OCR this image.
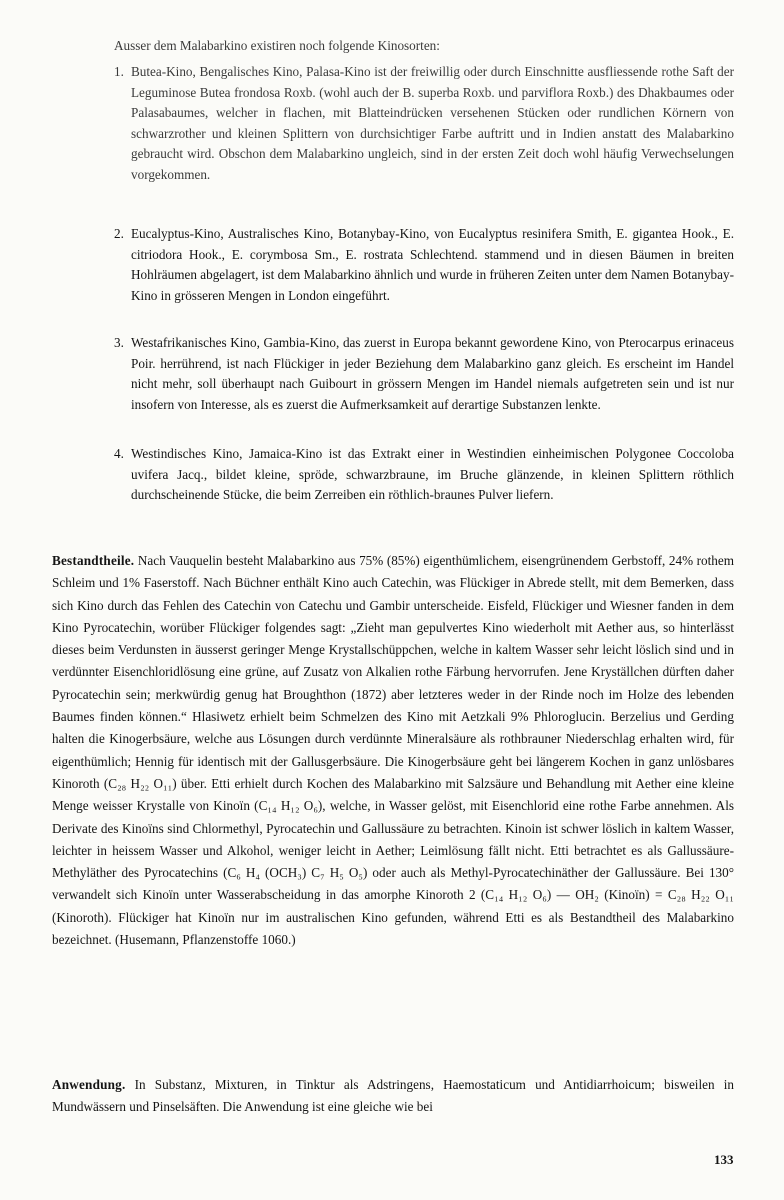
Ausser dem Malabarkino existiren noch folgende Kinosorten:
1. Butea-Kino, Bengalisches Kino, Palasa-Kino ist der freiwillig oder durch Einschnitte ausfliessende rothe Saft der Leguminose Butea frondosa Roxb. (wohl auch der B. superba Roxb. und parviflora Roxb.) des Dhakbaumes oder Palasabaumes, welcher in flachen, mit Blatteindrücken versehenen Stücken oder rundlichen Körnern von schwarzrother und kleinen Splittern von durchsichtiger Farbe auftritt und in Indien anstatt des Malabarkino gebraucht wird. Obschon dem Malabarkino ungleich, sind in der ersten Zeit doch wohl häufig Verwechselungen vorgekommen.
2. Eucalyptus-Kino, Australisches Kino, Botanybay-Kino, von Eucalyptus resinifera Smith, E. gigantea Hook., E. citriodora Hook., E. corymbosa Sm., E. rostrata Schlechtend. stammend und in diesen Bäumen in breiten Hohlräumen abgelagert, ist dem Malabarkino ähnlich und wurde in früheren Zeiten unter dem Namen Botanybay-Kino in grösseren Mengen in London eingeführt.
3. Westafrikanisches Kino, Gambia-Kino, das zuerst in Europa bekannt gewordene Kino, von Pterocarpus erinaceus Poir. herrührend, ist nach Flückiger in jeder Beziehung dem Malabarkino ganz gleich. Es erscheint im Handel nicht mehr, soll überhaupt nach Guibourt in grössern Mengen im Handel niemals aufgetreten sein und ist nur insofern von Interesse, als es zuerst die Aufmerksamkeit auf derartige Substanzen lenkte.
4. Westindisches Kino, Jamaica-Kino ist das Extrakt einer in Westindien einheimischen Polygonee Coccoloba uvifera Jacq., bildet kleine, spröde, schwarzbraune, im Bruche glänzende, in kleinen Splittern röthlich durchscheinende Stücke, die beim Zerreiben ein röthlich-braunes Pulver liefern.
Bestandtheile. Nach Vauquelin besteht Malabarkino aus 75% (85%) eigenthümlichem, eisengrünendem Gerbstoff, 24% rothem Schleim und 1% Faserstoff. Nach Büchner enthält Kino auch Catechin, was Flückiger in Abrede stellt, mit dem Bemerken, dass sich Kino durch das Fehlen des Catechin von Catechu und Gambir unterscheide. Eisfeld, Flückiger und Wiesner fanden in dem Kino Pyrocatechin, worüber Flückiger folgendes sagt: „Zieht man gepulvertes Kino wiederholt mit Aether aus, so hinterlässt dieses beim Verdunsten in äusserst geringer Menge Krystallschüppchen, welche in kaltem Wasser sehr leicht löslich sind und in verdünnter Eisenchloridlösung eine grüne, auf Zusatz von Alkalien rothe Färbung hervorrufen. Jene Kryställchen dürften daher Pyrocatechin sein; merkwürdig genug hat Broughthon (1872) aber letzteres weder in der Rinde noch im Holze des lebenden Baumes finden können.“ Hlasiwetz erhielt beim Schmelzen des Kino mit Aetzkali 9% Phloroglucin. Berzelius und Gerding halten die Kinogerbsäure, welche aus Lösungen durch verdünnte Mineralsäure als rothbrauner Niederschlag erhalten wird, für eigenthümlich; Hennig für identisch mit der Gallusgerbsäure. Die Kinogerbsäure geht bei längerem Kochen in ganz unlösbares Kinoroth (C₂₈ H₂₂ O₁₁) über. Etti erhielt durch Kochen des Malabarkino mit Salzsäure und Behandlung mit Aether eine kleine Menge weisser Krystalle von Kinoïn (C₁₄ H₁₂ O₆), welche, in Wasser gelöst, mit Eisenchlorid eine rothe Farbe annehmen. Als Derivate des Kinoïns sind Chlormethyl, Pyrocatechin und Gallussäure zu betrachten. Kinoin ist schwer löslich in kaltem Wasser, leichter in heissem Wasser und Alkohol, weniger leicht in Aether; Leimlösung fällt nicht. Etti betrachtet es als Gallussäure-Methyläther des Pyrocatechins (C₆ H₄ (OCH₃) C₇ H₅ O₅) oder auch als Methyl-Pyrocatechinäther der Gallussäure. Bei 130° verwandelt sich Kinoïn unter Wasserabscheidung in das amorphe Kinoroth 2 (C₁₄ H₁₂ O₆) — OH₂ (Kinoïn) = C₂₈ H₂₂ O₁₁ (Kinoroth). Flückiger hat Kinoïn nur im australischen Kino gefunden, während Etti es als Bestandtheil des Malabarkino bezeichnet. (Husemann, Pflanzenstoffe 1060.)
Anwendung. In Substanz, Mixturen, in Tinktur als Adstringens, Haemostaticum und Antidiarrhoicum; bisweilen in Mundwässern und Pinselsäften. Die Anwendung ist eine gleiche wie bei
133
